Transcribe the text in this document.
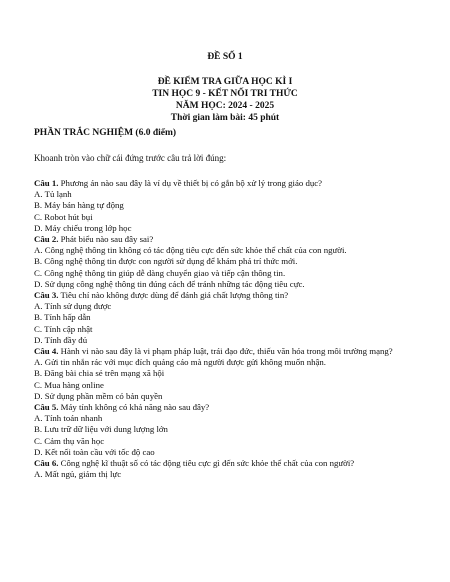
ĐỀ SỐ 1
ĐỀ KIỂM TRA GIỮA HỌC KÌ I
TIN HỌC 9 - KẾT NỐI TRI THỨC
NĂM HỌC: 2024 - 2025
Thời gian làm bài: 45 phút
PHẦN TRẮC NGHIỆM (6.0 điểm)
Khoanh tròn vào chữ cái đứng trước câu trả lời đúng:
Câu 1. Phương án nào sau đây là ví dụ về thiết bị có gắn bộ xử lý trong giáo dục?
A. Tủ lạnh
B. Máy bán hàng tự động
C. Robot hút bụi
D. Máy chiếu trong lớp học
Câu 2. Phát biểu nào sau đây sai?
A. Công nghệ thông tin không có tác động tiêu cực đến sức khỏe thể chất của con người.
B. Công nghệ thông tin được con người sử dụng để khám phá trí thức mới.
C. Công nghệ thông tin giúp dễ dàng chuyển giao và tiếp cận thông tin.
D. Sử dụng công nghệ thông tin đúng cách để tránh những tác động tiêu cực.
Câu 3. Tiêu chí nào không được dùng để đánh giá chất lượng thông tin?
A. Tính sử dụng được
B. Tính hấp dẫn
C. Tính cập nhật
D. Tính đầy đủ
Câu 4. Hành vi nào sau đây là vi phạm pháp luật, trái đạo đức, thiếu văn hóa trong môi trường mạng?
A. Gửi tin nhắn rác với mục đích quảng cáo mà người được gửi không muốn nhận.
B. Đăng bài chia sẻ trên mạng xã hội
C. Mua hàng online
D. Sử dụng phần mềm có bản quyền
Câu 5. Máy tính không có khả năng nào sau đây?
A. Tính toán nhanh
B. Lưu trữ dữ liệu với dung lượng lớn
C. Cảm thụ văn học
D. Kết nối toàn cầu với tốc độ cao
Câu 6. Công nghệ kĩ thuật số có tác động tiêu cực gì đến sức khỏe thể chất của con người?
A. Mất ngủ, giảm thị lực
